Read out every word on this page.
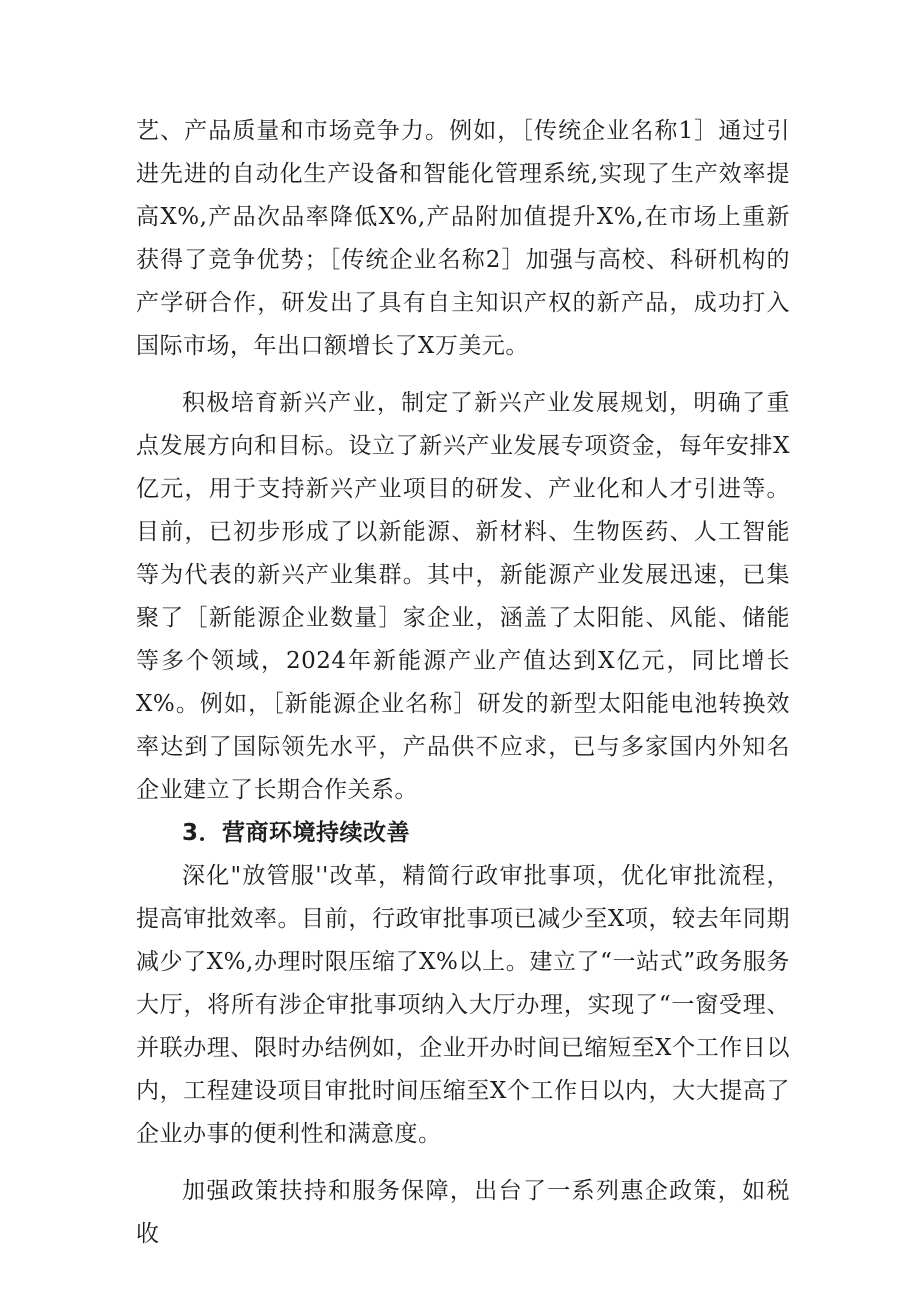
艺、产品质量和市场竞争力。例如，［传统企业名称1］通过引进先进的自动化生产设备和智能化管理系统,实现了生产效率提高X%,产品次品率降低X%,产品附加值提升X%,在市场上重新获得了竞争优势；［传统企业名称2］加强与高校、科研机构的产学研合作，研发出了具有自主知识产权的新产品，成功打入国际市场，年出口额增长了X万美元。

积极培育新兴产业，制定了新兴产业发展规划，明确了重点发展方向和目标。设立了新兴产业发展专项资金，每年安排X亿元，用于支持新兴产业项目的研发、产业化和人才引进等。目前，已初步形成了以新能源、新材料、生物医药、人工智能等为代表的新兴产业集群。其中，新能源产业发展迅速，已集聚了［新能源企业数量］家企业，涵盖了太阳能、风能、储能等多个领域，2024年新能源产业产值达到X亿元，同比增长X%。例如，［新能源企业名称］研发的新型太阳能电池转换效率达到了国际领先水平，产品供不应求，已与多家国内外知名企业建立了长期合作关系。

3．营商环境持续改善

深化"放管服''改革，精简行政审批事项，优化审批流程，提高审批效率。目前，行政审批事项已减少至X项，较去年同期减少了X%,办理时限压缩了X%以上。建立了“一站式”政务服务大厅，将所有涉企审批事项纳入大厅办理，实现了“一窗受理、并联办理、限时办结例如，企业开办时间已缩短至X个工作日以内，工程建设项目审批时间压缩至X个工作日以内，大大提高了企业办事的便利性和满意度。

加强政策扶持和服务保障，出台了一系列惠企政策，如税收
